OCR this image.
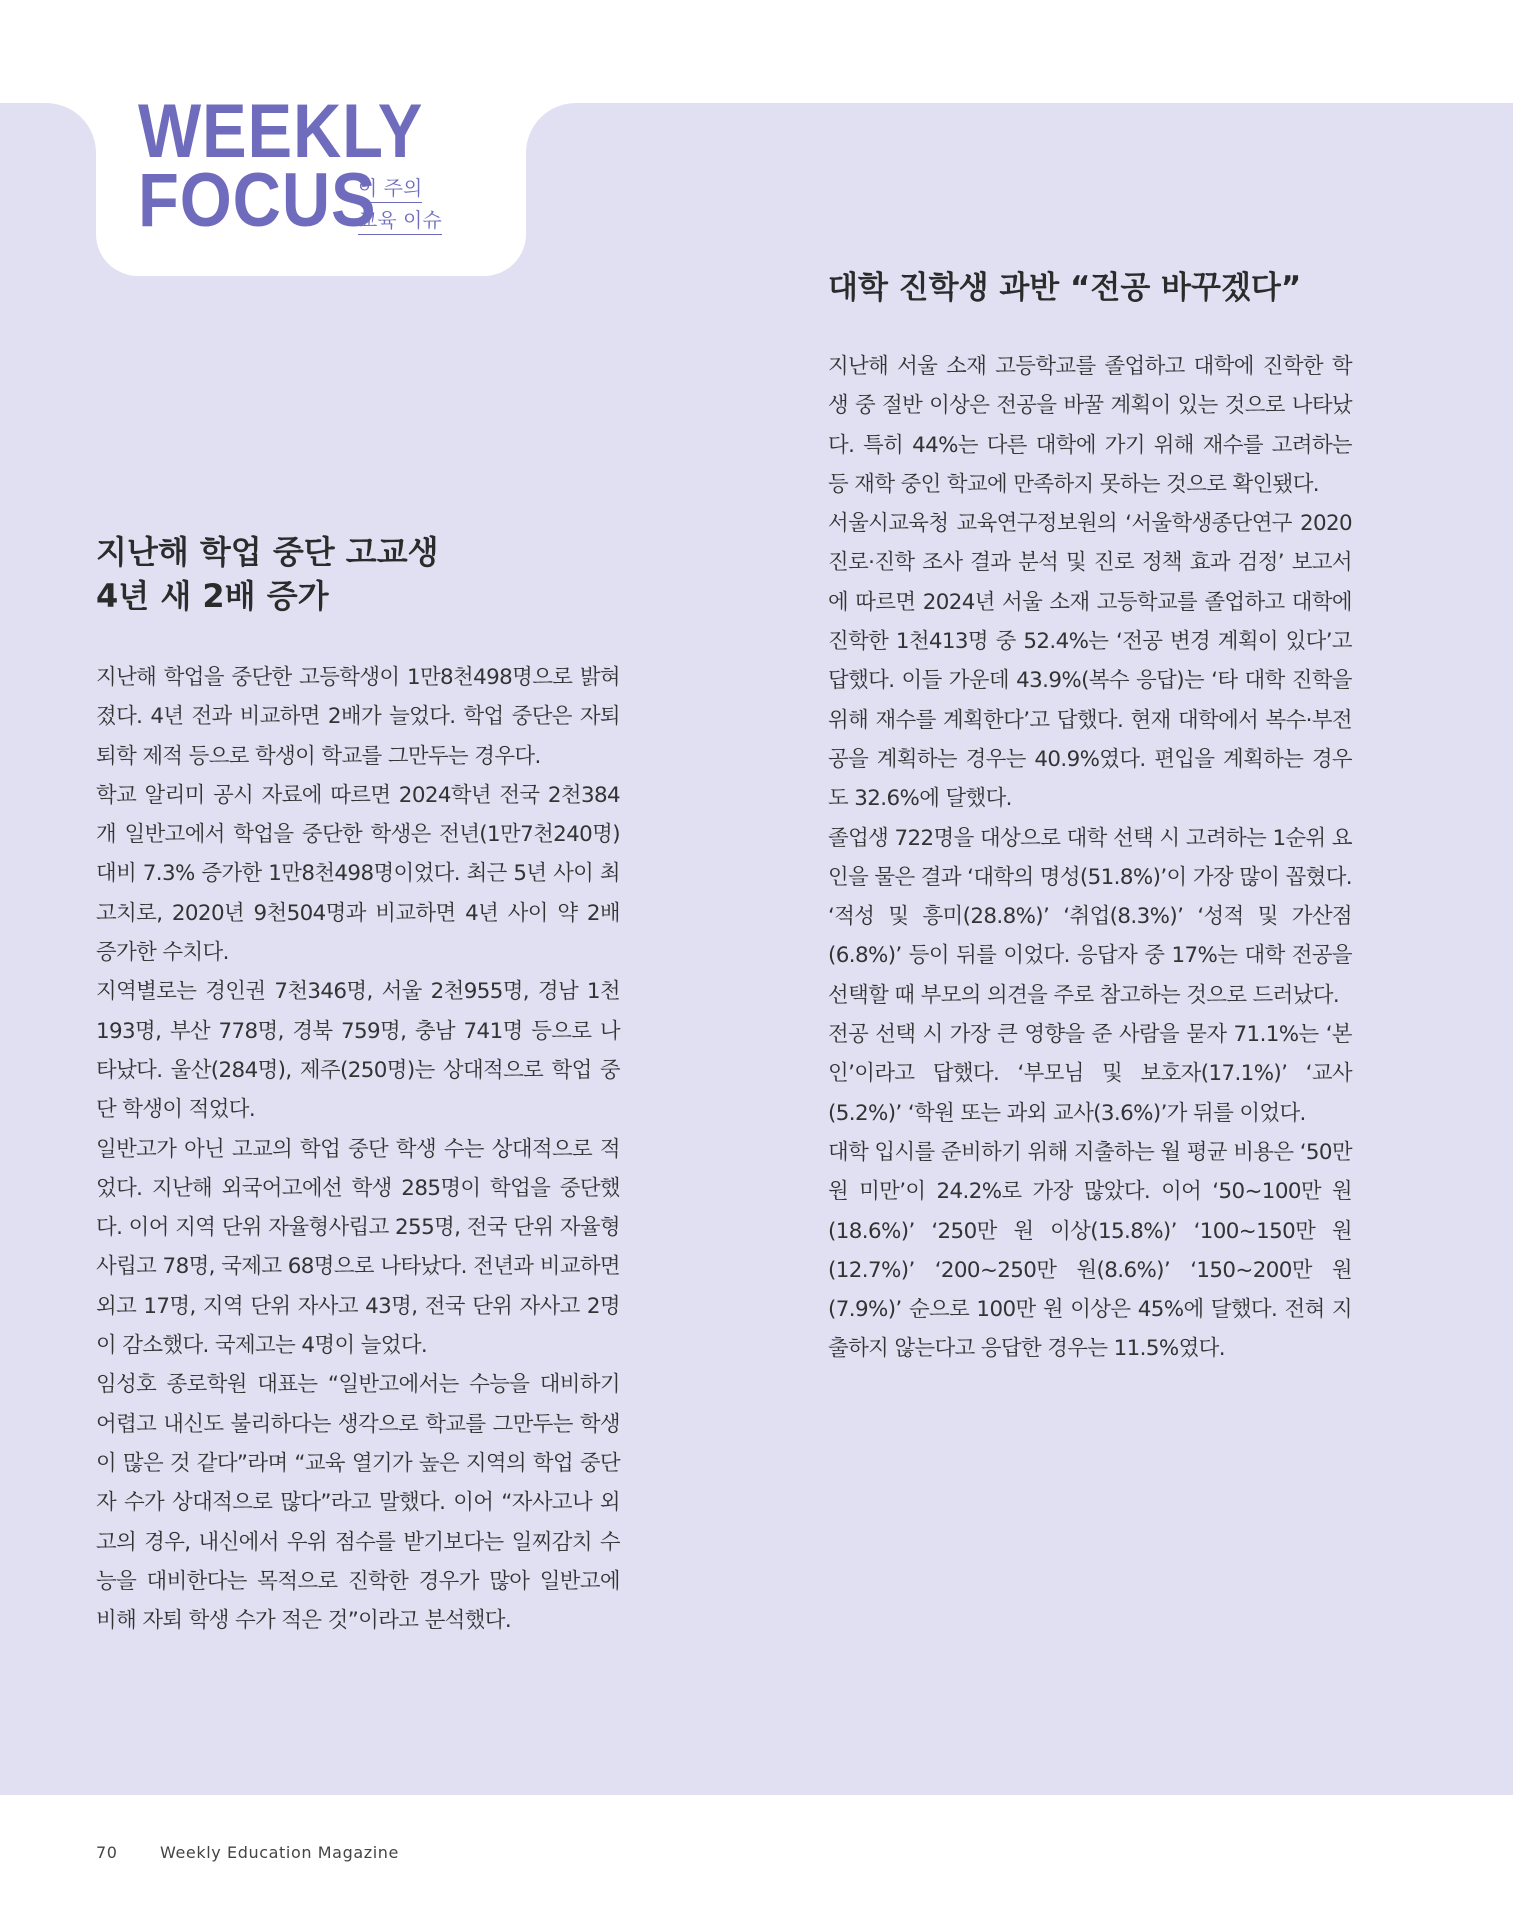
WEEKLY
FOCUS
이 주의
교육 이슈
지난해 학업 중단 고교생
4년 새 2배 증가

지난해 학업을 중단한 고등학생이 1만8천498명으로 밝혀졌다. 4년 전과 비교하면 2배가 늘었다. 학업 중단은 자퇴 퇴학 제적 등으로 학생이 학교를 그만두는 경우다.

학교 알리미 공시 자료에 따르면 2024학년 전국 2천384개 일반고에서 학업을 중단한 학생은 전년(1만7천240명) 대비 7.3% 증가한 1만8천498명이었다. 최근 5년 사이 최고치로, 2020년 9천504명과 비교하면 4년 사이 약 2배 증가한 수치다.

지역별로는 경인권 7천346명, 서울 2천955명, 경남 1천193명, 부산 778명, 경북 759명, 충남 741명 등으로 나타났다. 울산(284명), 제주(250명)는 상대적으로 학업 중단 학생이 적었다.

일반고가 아닌 고교의 학업 중단 학생 수는 상대적으로 적었다. 지난해 외국어고에선 학생 285명이 학업을 중단했다. 이어 지역 단위 자율형사립고 255명, 전국 단위 자율형사립고 78명, 국제고 68명으로 나타났다. 전년과 비교하면 외고 17명, 지역 단위 자사고 43명, 전국 단위 자사고 2명이 감소했다. 국제고는 4명이 늘었다.

임성호 종로학원 대표는 “일반고에서는 수능을 대비하기 어렵고 내신도 불리하다는 생각으로 학교를 그만두는 학생이 많은 것 같다”라며 “교육 열기가 높은 지역의 학업 중단자 수가 상대적으로 많다”라고 말했다. 이어 “자사고나 외고의 경우, 내신에서 우위 점수를 받기보다는 일찌감치 수능을 대비한다는 목적으로 진학한 경우가 많아 일반고에 비해 자퇴 학생 수가 적은 것”이라고 분석했다.

대학 진학생 과반 “전공 바꾸겠다”

지난해 서울 소재 고등학교를 졸업하고 대학에 진학한 학생 중 절반 이상은 전공을 바꿀 계획이 있는 것으로 나타났다. 특히 44%는 다른 대학에 가기 위해 재수를 고려하는 등 재학 중인 학교에 만족하지 못하는 것으로 확인됐다.

서울시교육청 교육연구정보원의 ‘서울학생종단연구 2020 진로·진학 조사 결과 분석 및 진로 정책 효과 검정’ 보고서에 따르면 2024년 서울 소재 고등학교를 졸업하고 대학에 진학한 1천413명 중 52.4%는 ‘전공 변경 계획이 있다’고 답했다. 이들 가운데 43.9%(복수 응답)는 ‘타 대학 진학을 위해 재수를 계획한다’고 답했다. 현재 대학에서 복수·부전공을 계획하는 경우는 40.9%였다. 편입을 계획하는 경우도 32.6%에 달했다.

졸업생 722명을 대상으로 대학 선택 시 고려하는 1순위 요인을 물은 결과 ‘대학의 명성(51.8%)’이 가장 많이 꼽혔다. ‘적성 및 흥미(28.8%)’ ‘취업(8.3%)’ ‘성적 및 가산점(6.8%)’ 등이 뒤를 이었다. 응답자 중 17%는 대학 전공을 선택할 때 부모의 의견을 주로 참고하는 것으로 드러났다.

전공 선택 시 가장 큰 영향을 준 사람을 묻자 71.1%는 ‘본인’이라고 답했다. ‘부모님 및 보호자(17.1%)’ ‘교사(5.2%)’ ‘학원 또는 과외 교사(3.6%)’가 뒤를 이었다.

대학 입시를 준비하기 위해 지출하는 월 평균 비용은 ‘50만 원 미만’이 24.2%로 가장 많았다. 이어 ‘50~100만 원(18.6%)’ ‘250만 원 이상(15.8%)’ ‘100~150만 원(12.7%)’ ‘200~250만 원(8.6%)’ ‘150~200만 원(7.9%)’ 순으로 100만 원 이상은 45%에 달했다. 전혀 지출하지 않는다고 응답한 경우는 11.5%였다.

70	Weekly Education Magazine
